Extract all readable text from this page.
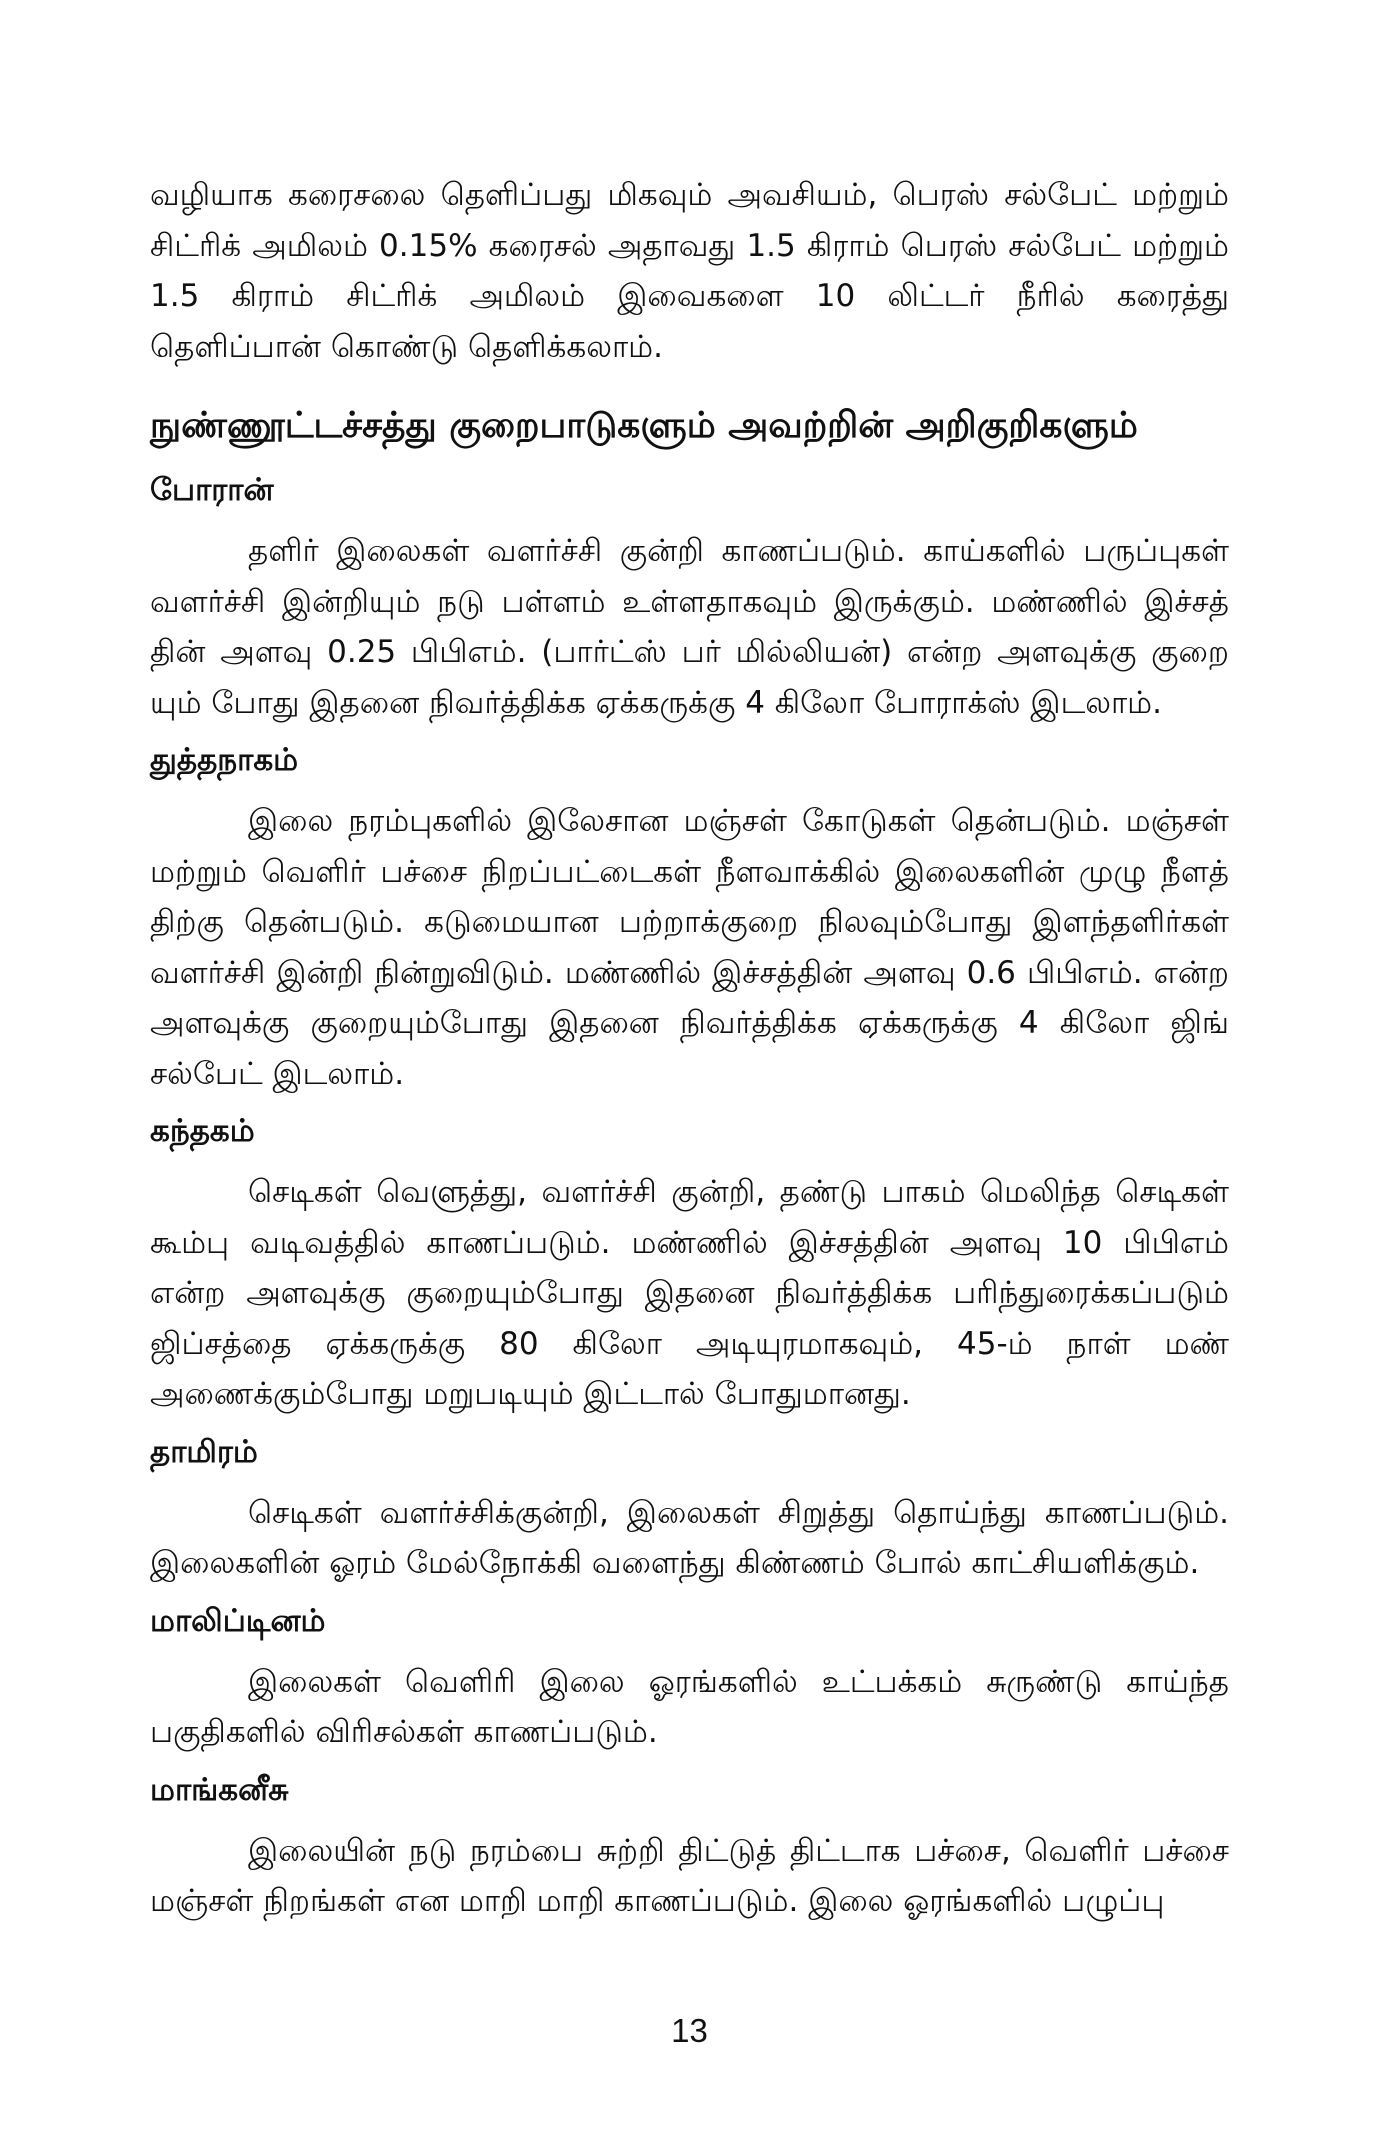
வழியாக கரைசலை தெளிப்பது மிகவும் அவசியம், பெரஸ் சல்பேட் மற்றும் சிட்ரிக் அமிலம் 0.15% கரைசல் அதாவது 1.5 கிராம் பெரஸ் சல்பேட் மற்றும் 1.5 கிராம் சிட்ரிக் அமிலம் இவைகளை 10 லிட்டர் நீரில் கரைத்து தெளிப்பான் கொண்டு தெளிக்கலாம்.

நுண்ணூட்டச்சத்து குறைபாடுகளும் அவற்றின் அறிகுறிகளும்
போரான்

தளிர் இலைகள் வளர்ச்சி குன்றி காணப்படும். காய்களில் பருப்புகள் வளர்ச்சி இன்றியும் நடு பள்ளம் உள்ளதாகவும் இருக்கும். மண்ணில் இச்சத் தின் அளவு 0.25 பிபிஎம். (பார்ட்ஸ் பர் மில்லியன்) என்ற அளவுக்கு குறை யும் போது இதனை நிவர்த்திக்க ஏக்கருக்கு 4 கிலோ போராக்ஸ் இடலாம்.

துத்தநாகம்

இலை நரம்புகளில் இலேசான மஞ்சள் கோடுகள் தென்படும். மஞ்சள் மற்றும் வெளிர் பச்சை நிறப்பட்டைகள் நீளவாக்கில் இலைகளின் முழு நீளத் திற்கு தென்படும். கடுமையான பற்றாக்குறை நிலவும்போது இளந்தளிர்கள் வளர்ச்சி இன்றி நின்றுவிடும். மண்ணில் இச்சத்தின் அளவு 0.6 பிபிஎம். என்ற அளவுக்கு குறையும்போது இதனை நிவர்த்திக்க ஏக்கருக்கு 4 கிலோ ஜிங் சல்பேட் இடலாம்.

கந்தகம்

செடிகள் வெளுத்து, வளர்ச்சி குன்றி, தண்டு பாகம் மெலிந்த செடிகள் கூம்பு வடிவத்தில் காணப்படும். மண்ணில் இச்சத்தின் அளவு 10 பிபிஎம் என்ற அளவுக்கு குறையும்போது இதனை நிவர்த்திக்க பரிந்துரைக்கப்படும் ஜிப்சத்தை ஏக்கருக்கு 80 கிலோ அடியுரமாகவும், 45-ம் நாள் மண் அணைக்கும்போது மறுபடியும் இட்டால் போதுமானது.

தாமிரம்

செடிகள் வளர்ச்சிக்குன்றி, இலைகள் சிறுத்து தொய்ந்து காணப்படும். இலைகளின் ஓரம் மேல்நோக்கி வளைந்து கிண்ணம் போல் காட்சியளிக்கும்.

மாலிப்டினம்

இலைகள் வெளிரி இலை ஓரங்களில் உட்பக்கம் சுருண்டு காய்ந்த பகுதிகளில் விரிசல்கள் காணப்படும்.

மாங்கனீசு

இலையின் நடு நரம்பை சுற்றி திட்டுத் திட்டாக பச்சை, வெளிர் பச்சை மஞ்சள் நிறங்கள் என மாறி மாறி காணப்படும். இலை ஓரங்களில் பழுப்பு

13
